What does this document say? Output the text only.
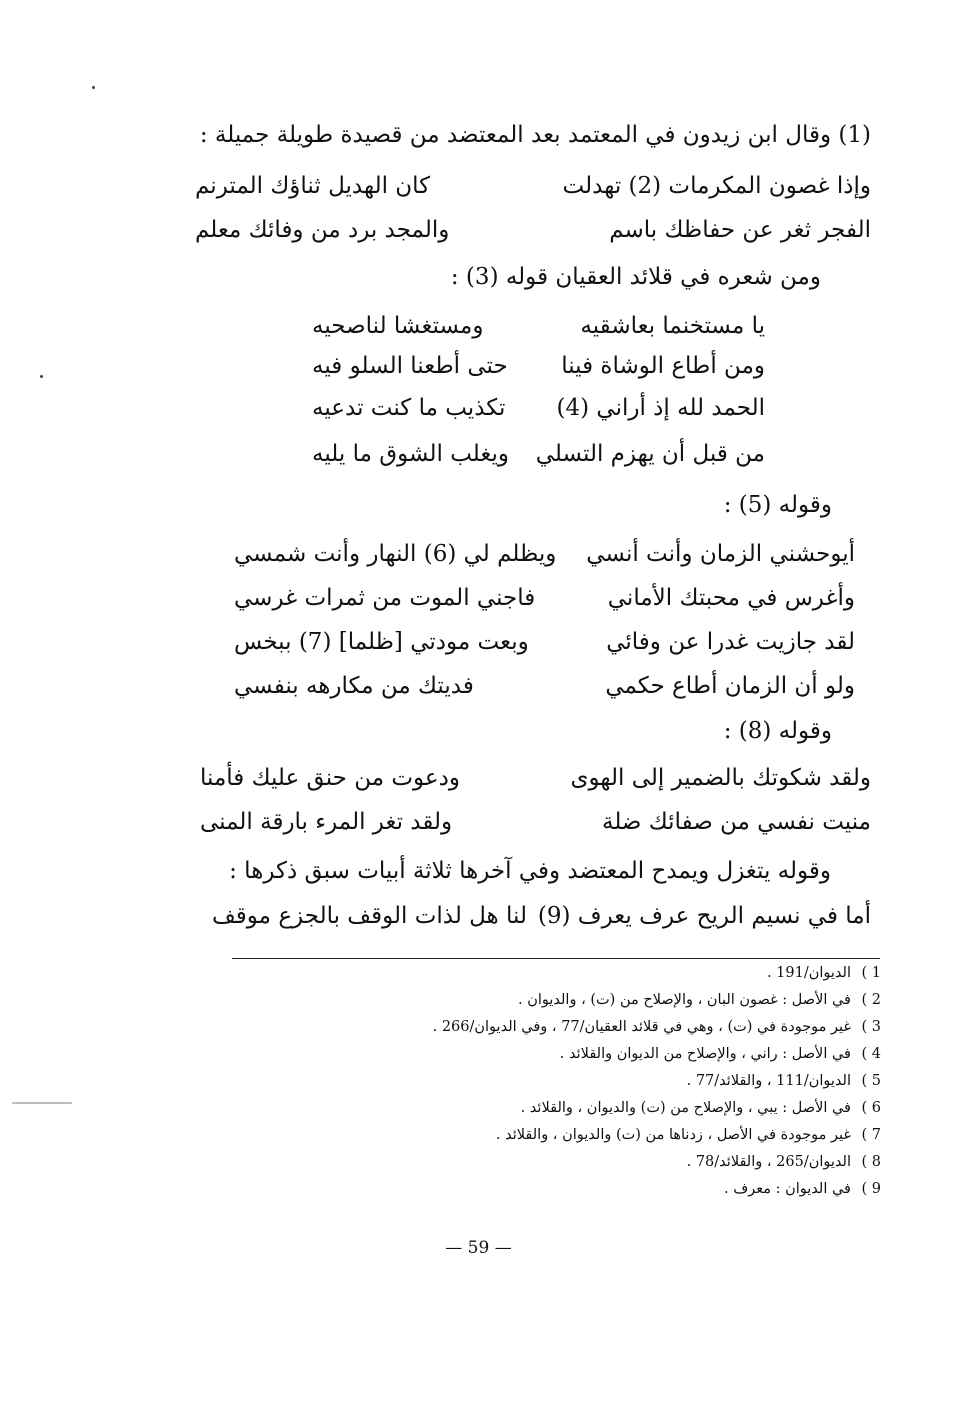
(1) وقال ابن زيدون في المعتمد بعد المعتضد من قصيدة طويلة جميلة :
وإذا غصون المكرمات (2) تهدلت
كان الهديل ثناؤك المترنم
الفجر ثغر عن حفاظك باسم
والمجد برد من وفائك معلم
ومن شعره في قلائد العقيان قوله (3) :
يا مستخنما بعاشقيه
ومستغشا لناصحيه
ومن أطاع الوشاة فينا
حتى أطعنا السلو فيه
الحمد لله إذ أراني (4)
تكذيب ما كنت تدعيه
من قبل أن يهزم التسلي
ويغلب الشوق ما يليه
وقوله (5) :
أيوحشني الزمان وأنت أنسي
ويظلم لي (6) النهار وأنت شمسي
وأغرس في محبتك الأماني
فاجني الموت من ثمرات غرسي
لقد جازيت غدرا عن وفائي
وبعت مودتي [ظلما] (7) ببخس
ولو أن الزمان أطاع حكمي
فديتك من مكارهه بنفسي
وقوله (8) :
ولقد شكوتك بالضمير إلى الهوى
ودعوت من حنق عليك فأمنا
منيت نفسي من صفائك ضلة
ولقد تغر المرء بارقة المنى
وقوله يتغزل ويمدح المعتضد وفي آخرها ثلاثة أبيات سبق ذكرها :
أما في نسيم الريح عرف يعرف (9)
لنا هل لذات الوقف بالجزع موقف
1 )الديوان/191 .
2 )في الأصل : غصون البان ، والإصلاح من (ت) ، والديوان .
3 )غير موجودة في (ت) ، وهي في قلائد العقيان/77 ، وفي الديوان/266 .
4 )في الأصل : راني ، والإصلاح من الديوان والقلائد .
5 )الديوان/111 ، والقلائد/77 .
6 )في الأصل : يبي ، والإصلاح من (ت) والديوان ، والقلائد .
7 )غير موجودة في الأصل ، زدناها من (ت) والديوان ، والقلائد .
8 )الديوان/265 ، والقلائد/78 .
9 )في الديوان : معرف .
— 59 —
